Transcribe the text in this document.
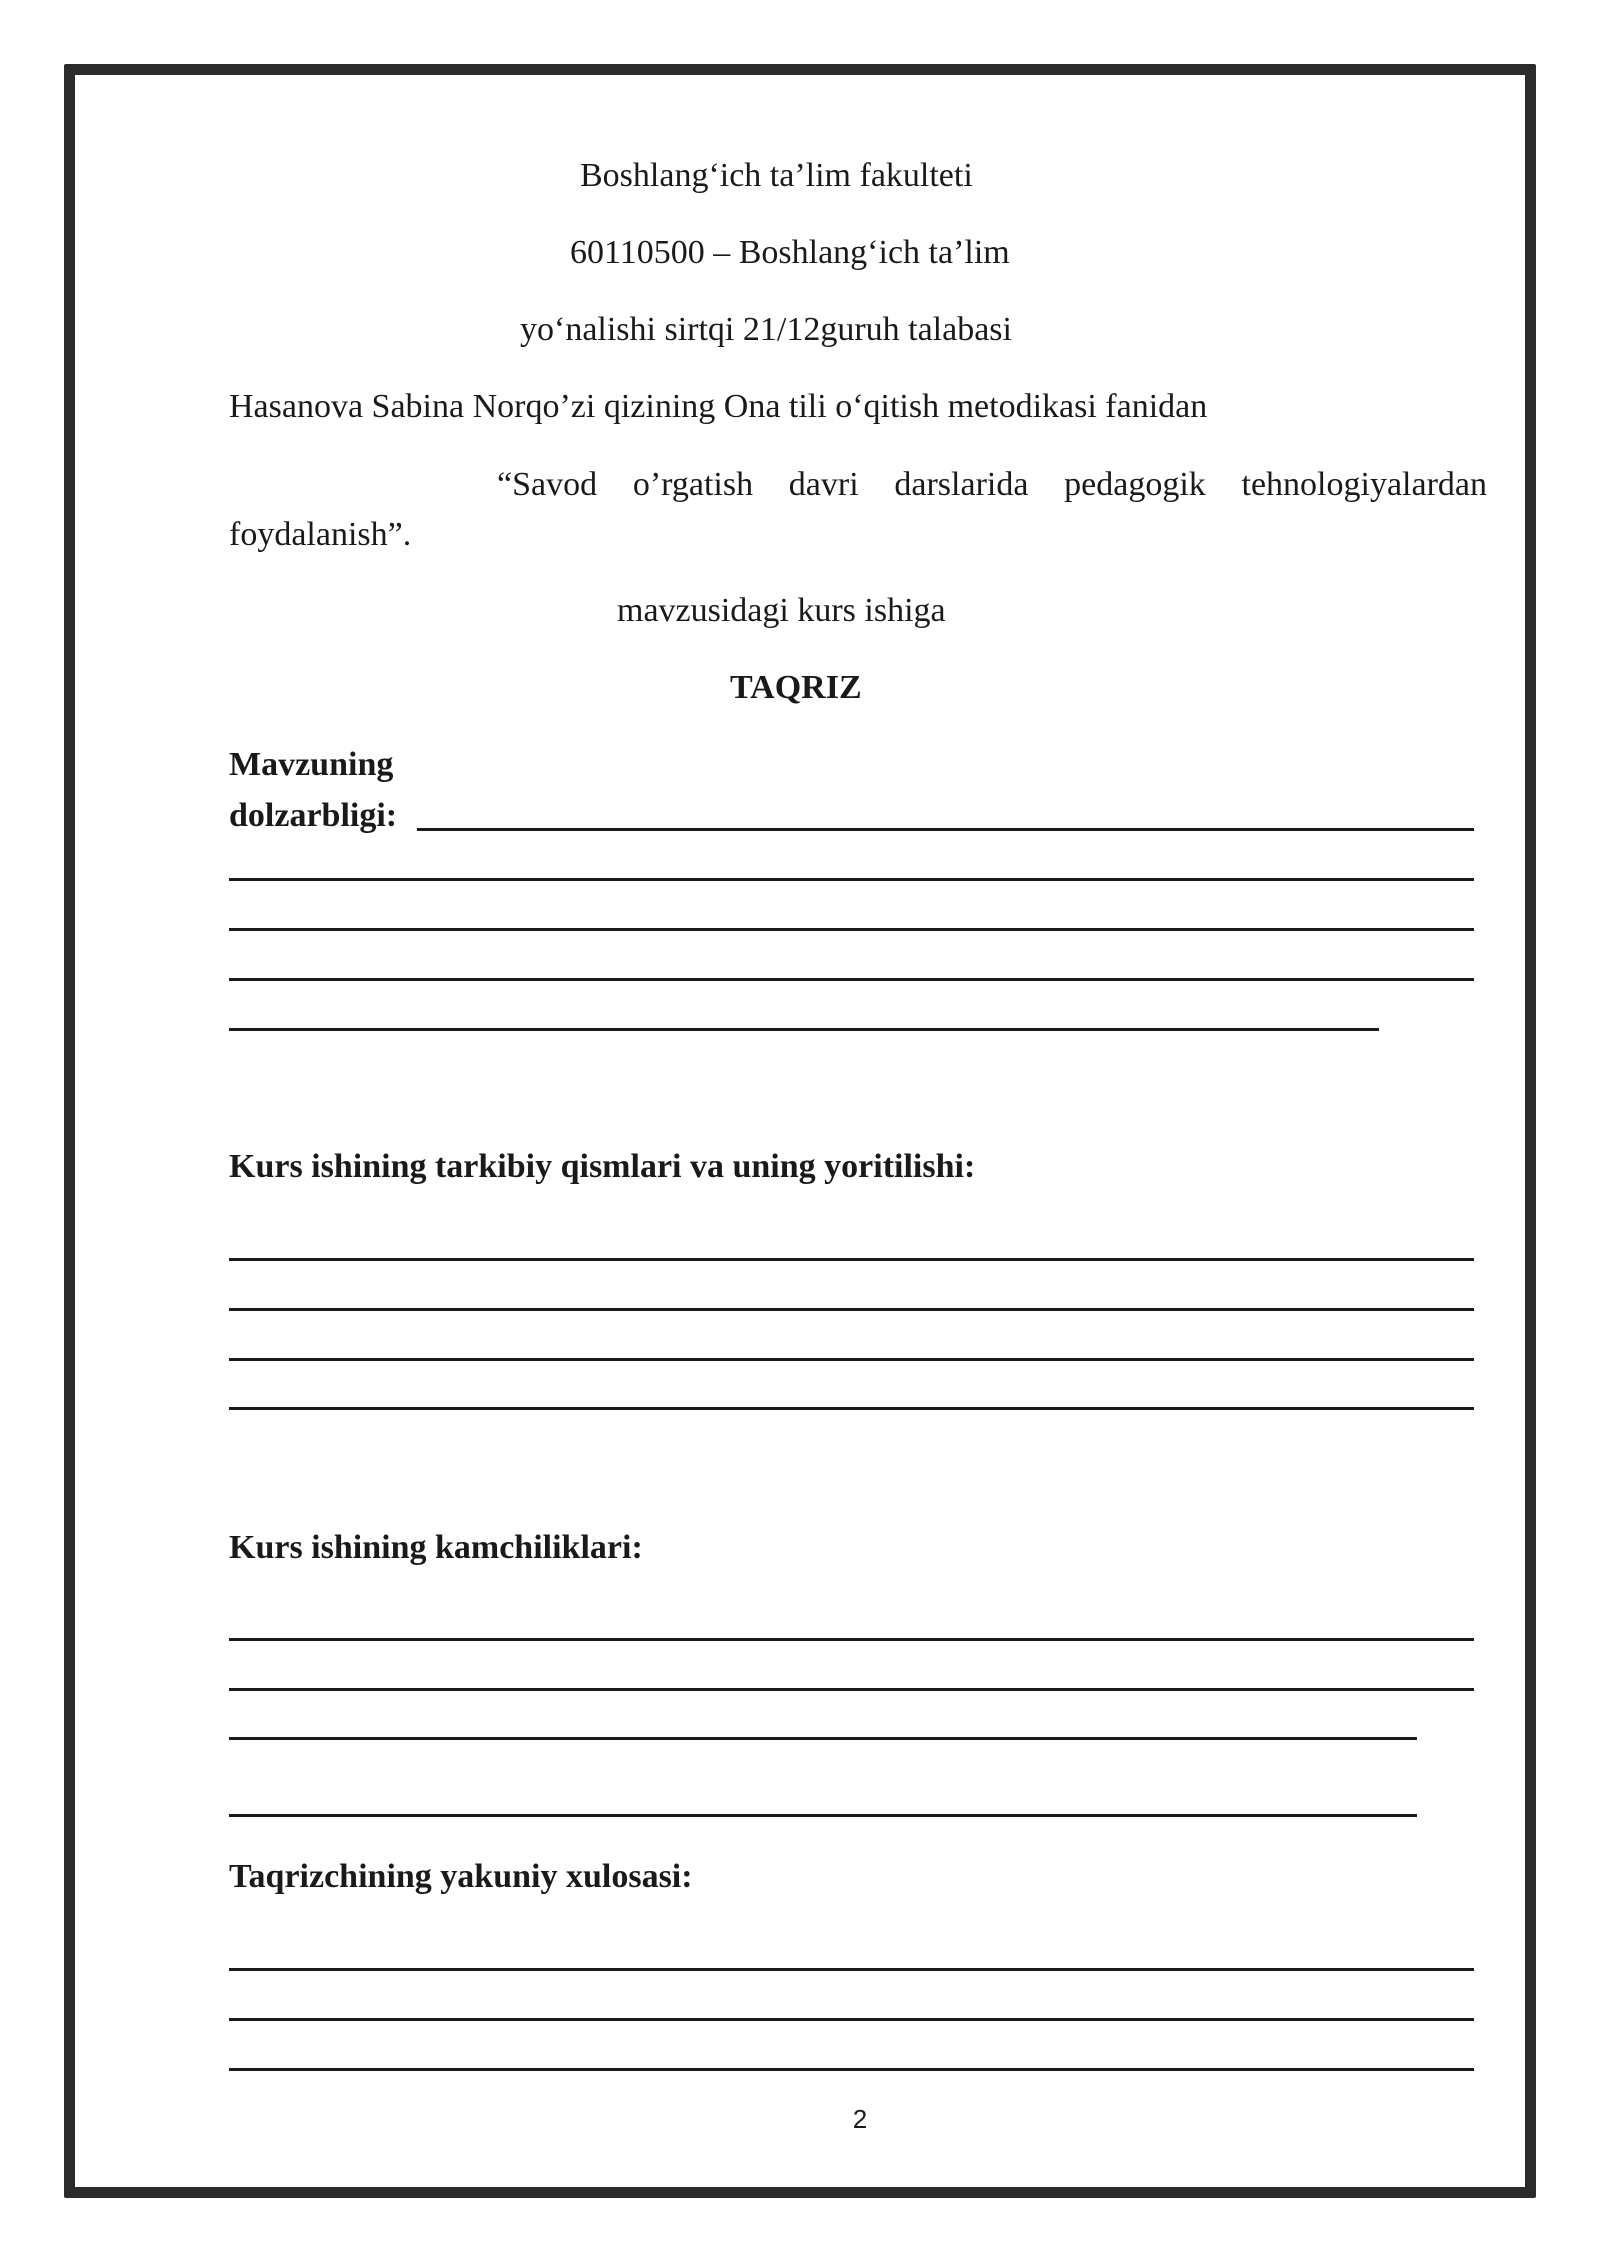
Boshlang‘ich ta’lim fakulteti
60110500 – Boshlang‘ich ta’lim
yo‘nalishi sirtqi 21/12guruh talabasi
Hasanova Sabina Norqo’zi qizining Ona tili o‘qitish metodikasi fanidan
“Savod o’rgatish davri darslarida pedagogik tehnologiyalardan foydalanish”.
mavzusidagi kurs ishiga
TAQRIZ
Mavzuning
dolzarbligi:
Kurs ishining tarkibiy qismlari va uning yoritilishi:
Kurs ishining kamchiliklari:
Taqrizchining yakuniy xulosasi:
2
